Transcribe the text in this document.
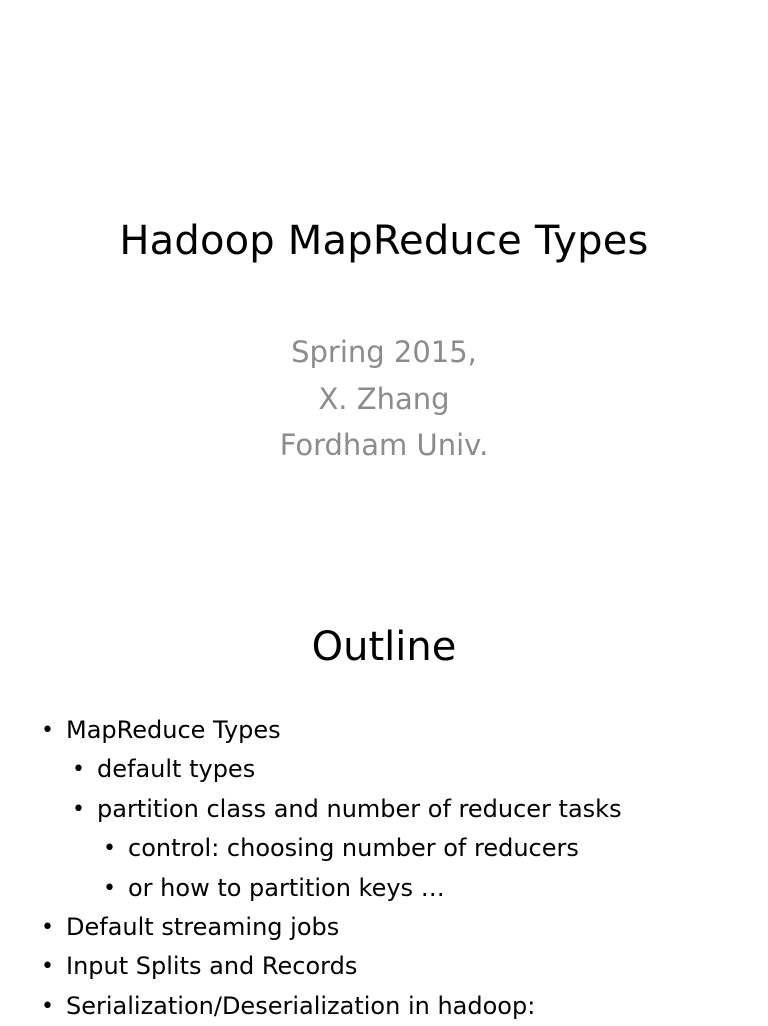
Hadoop MapReduce Types
Spring 2015,
X. Zhang
Fordham Univ.
Outline
• MapReduce Types
• default types
• partition class and number of reducer tasks
• control: choosing number of reducers
• or how to partition keys …
• Default streaming jobs
• Input Splits and Records
• Serialization/Deserialization in hadoop:
